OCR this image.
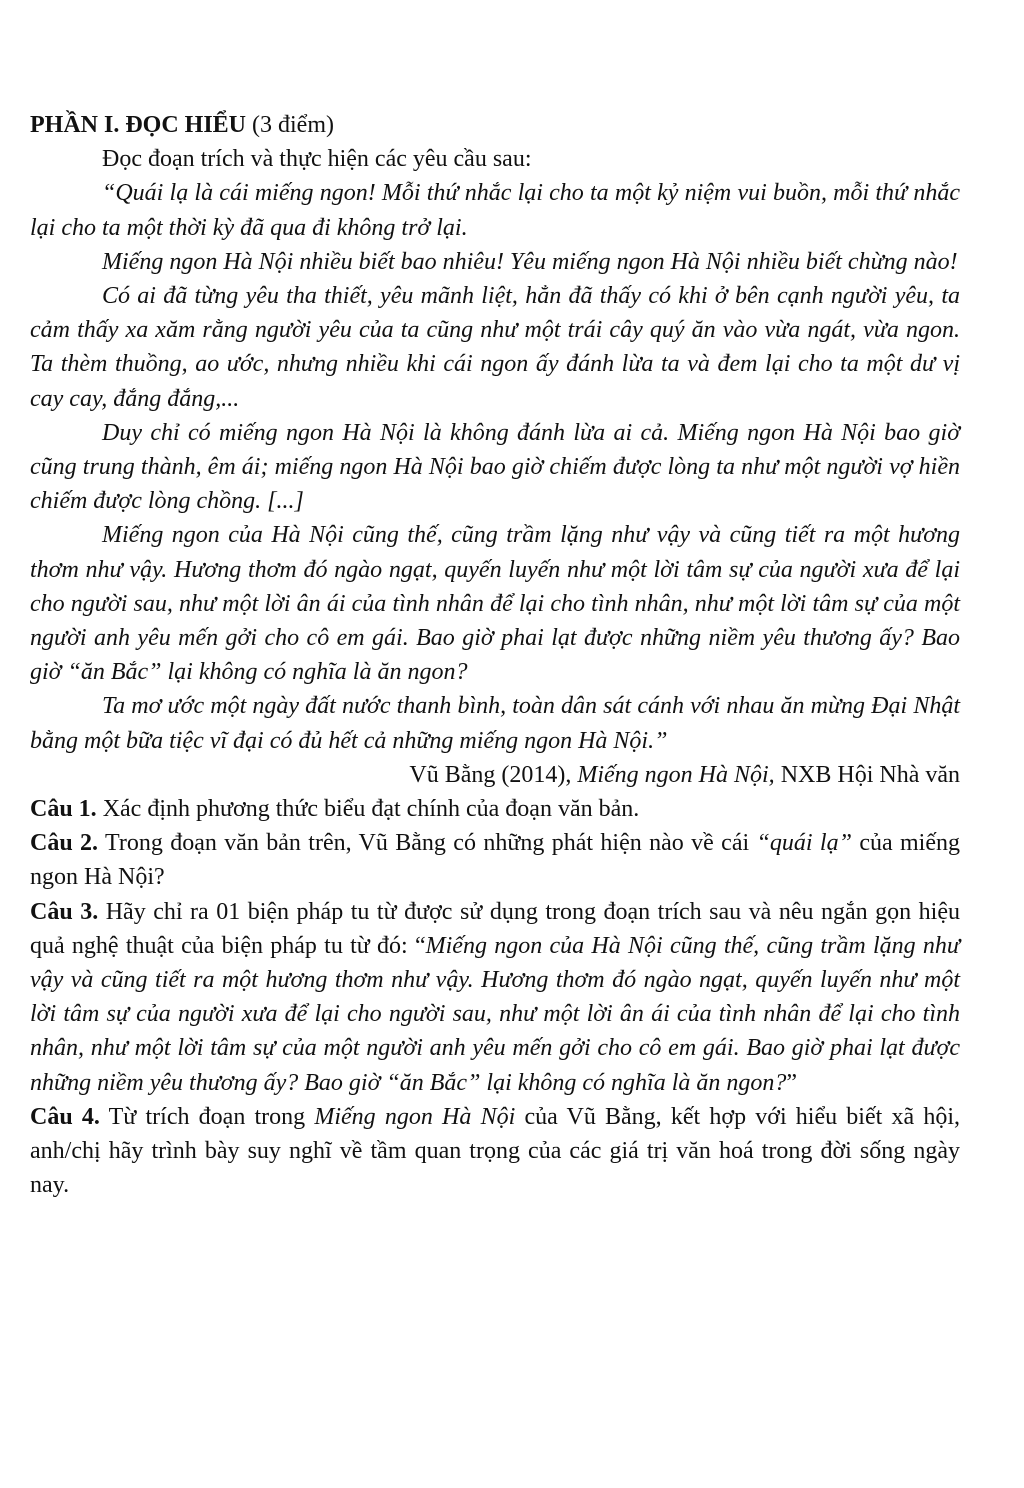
PHẦN I. ĐỌC HIỂU (3 điểm)

Đọc đoạn trích và thực hiện các yêu cầu sau:

“Quái lạ là cái miếng ngon! Mỗi thứ nhắc lại cho ta một kỷ niệm vui buồn, mỗi thứ nhắc lại cho ta một thời kỳ đã qua đi không trở lại.

Miếng ngon Hà Nội nhiều biết bao nhiêu! Yêu miếng ngon Hà Nội nhiều biết chừng nào!

Có ai đã từng yêu tha thiết, yêu mãnh liệt, hẳn đã thấy có khi ở bên cạnh người yêu, ta cảm thấy xa xăm rằng người yêu của ta cũng như một trái cây quý ăn vào vừa ngát, vừa ngon. Ta thèm thuồng, ao ước, nhưng nhiều khi cái ngon ấy đánh lừa ta và đem lại cho ta một dư vị cay cay, đắng đắng,...

Duy chỉ có miếng ngon Hà Nội là không đánh lừa ai cả. Miếng ngon Hà Nội bao giờ cũng trung thành, êm ái; miếng ngon Hà Nội bao giờ chiếm được lòng ta như một người vợ hiền chiếm được lòng chồng. [...]

Miếng ngon của Hà Nội cũng thế, cũng trầm lặng như vậy và cũng tiết ra một hương thơm như vậy. Hương thơm đó ngào ngạt, quyến luyến như một lời tâm sự của người xưa để lại cho người sau, như một lời ân ái của tình nhân để lại cho tình nhân, như một lời tâm sự của một người anh yêu mến gởi cho cô em gái. Bao giờ phai lạt được những niềm yêu thương ấy? Bao giờ “ăn Bắc” lại không có nghĩa là ăn ngon?

Ta mơ ước một ngày đất nước thanh bình, toàn dân sát cánh với nhau ăn mừng Đại Nhật bằng một bữa tiệc vĩ đại có đủ hết cả những miếng ngon Hà Nội.”

Vũ Bằng (2014), Miếng ngon Hà Nội, NXB Hội Nhà văn

Câu 1. Xác định phương thức biểu đạt chính của đoạn văn bản.

Câu 2. Trong đoạn văn bản trên, Vũ Bằng có những phát hiện nào về cái “quái lạ” của miếng ngon Hà Nội?

Câu 3. Hãy chỉ ra 01 biện pháp tu từ được sử dụng trong đoạn trích sau và nêu ngắn gọn hiệu quả nghệ thuật của biện pháp tu từ đó: “Miếng ngon của Hà Nội cũng thế, cũng trầm lặng như vậy và cũng tiết ra một hương thơm như vậy. Hương thơm đó ngào ngạt, quyến luyến như một lời tâm sự của người xưa để lại cho người sau, như một lời ân ái của tình nhân để lại cho tình nhân, như một lời tâm sự của một người anh yêu mến gởi cho cô em gái. Bao giờ phai lạt được những niềm yêu thương ấy? Bao giờ “ăn Bắc” lại không có nghĩa là ăn ngon?”

Câu 4. Từ trích đoạn trong Miếng ngon Hà Nội của Vũ Bằng, kết hợp với hiểu biết xã hội, anh/chị hãy trình bày suy nghĩ về tầm quan trọng của các giá trị văn hoá trong đời sống ngày nay.
